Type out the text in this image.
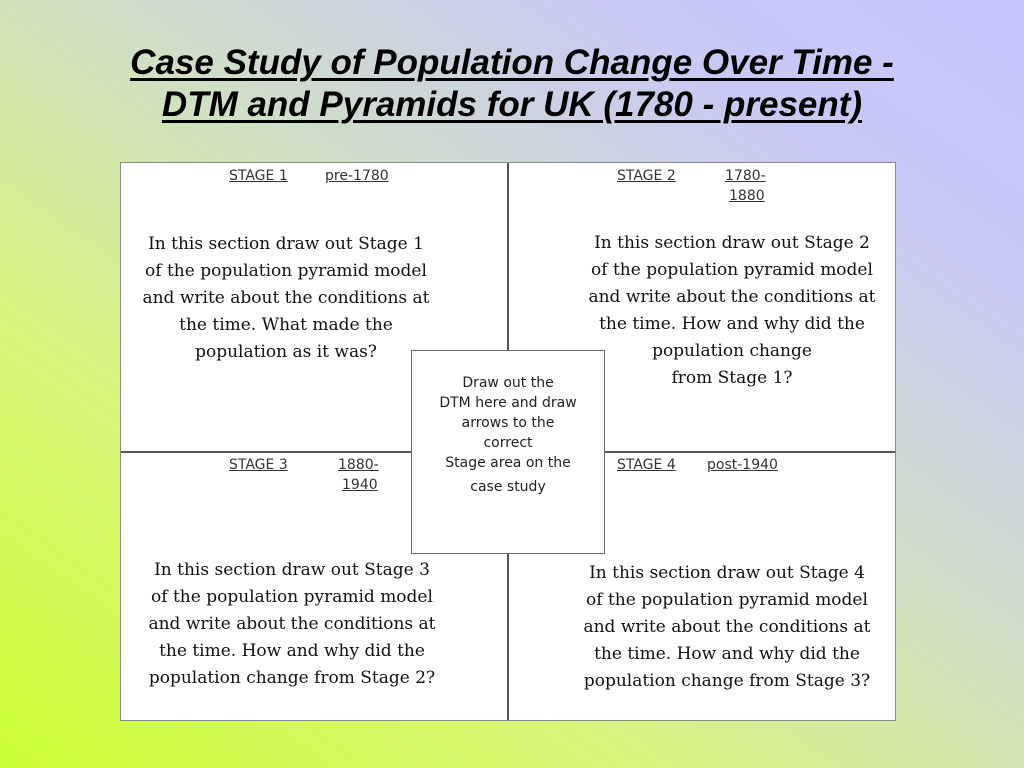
Case Study of Population Change Over Time -
DTM and Pyramids for UK (1780 - present)
STAGE 1	pre-1780
In this section draw out Stage 1
of the population pyramid model
and write about the conditions at
the time. What made the
population as it was?
STAGE 2	1780-
1880
In this section draw out Stage 2
of the population pyramid model
and write about the conditions at
the time. How and why did the
population change
from Stage 1?
STAGE 3	1880-
1940
In this section draw out Stage 3
of the population pyramid model
and write about the conditions at
the time. How and why did the
population change from Stage 2?
STAGE 4 post-1940
In this section draw out Stage 4
of the population pyramid model
and write about the conditions at
the time. How and why did the
population change from Stage 3?
Draw out the
DTM here and draw
arrows to the
correct
Stage area on the
case study
